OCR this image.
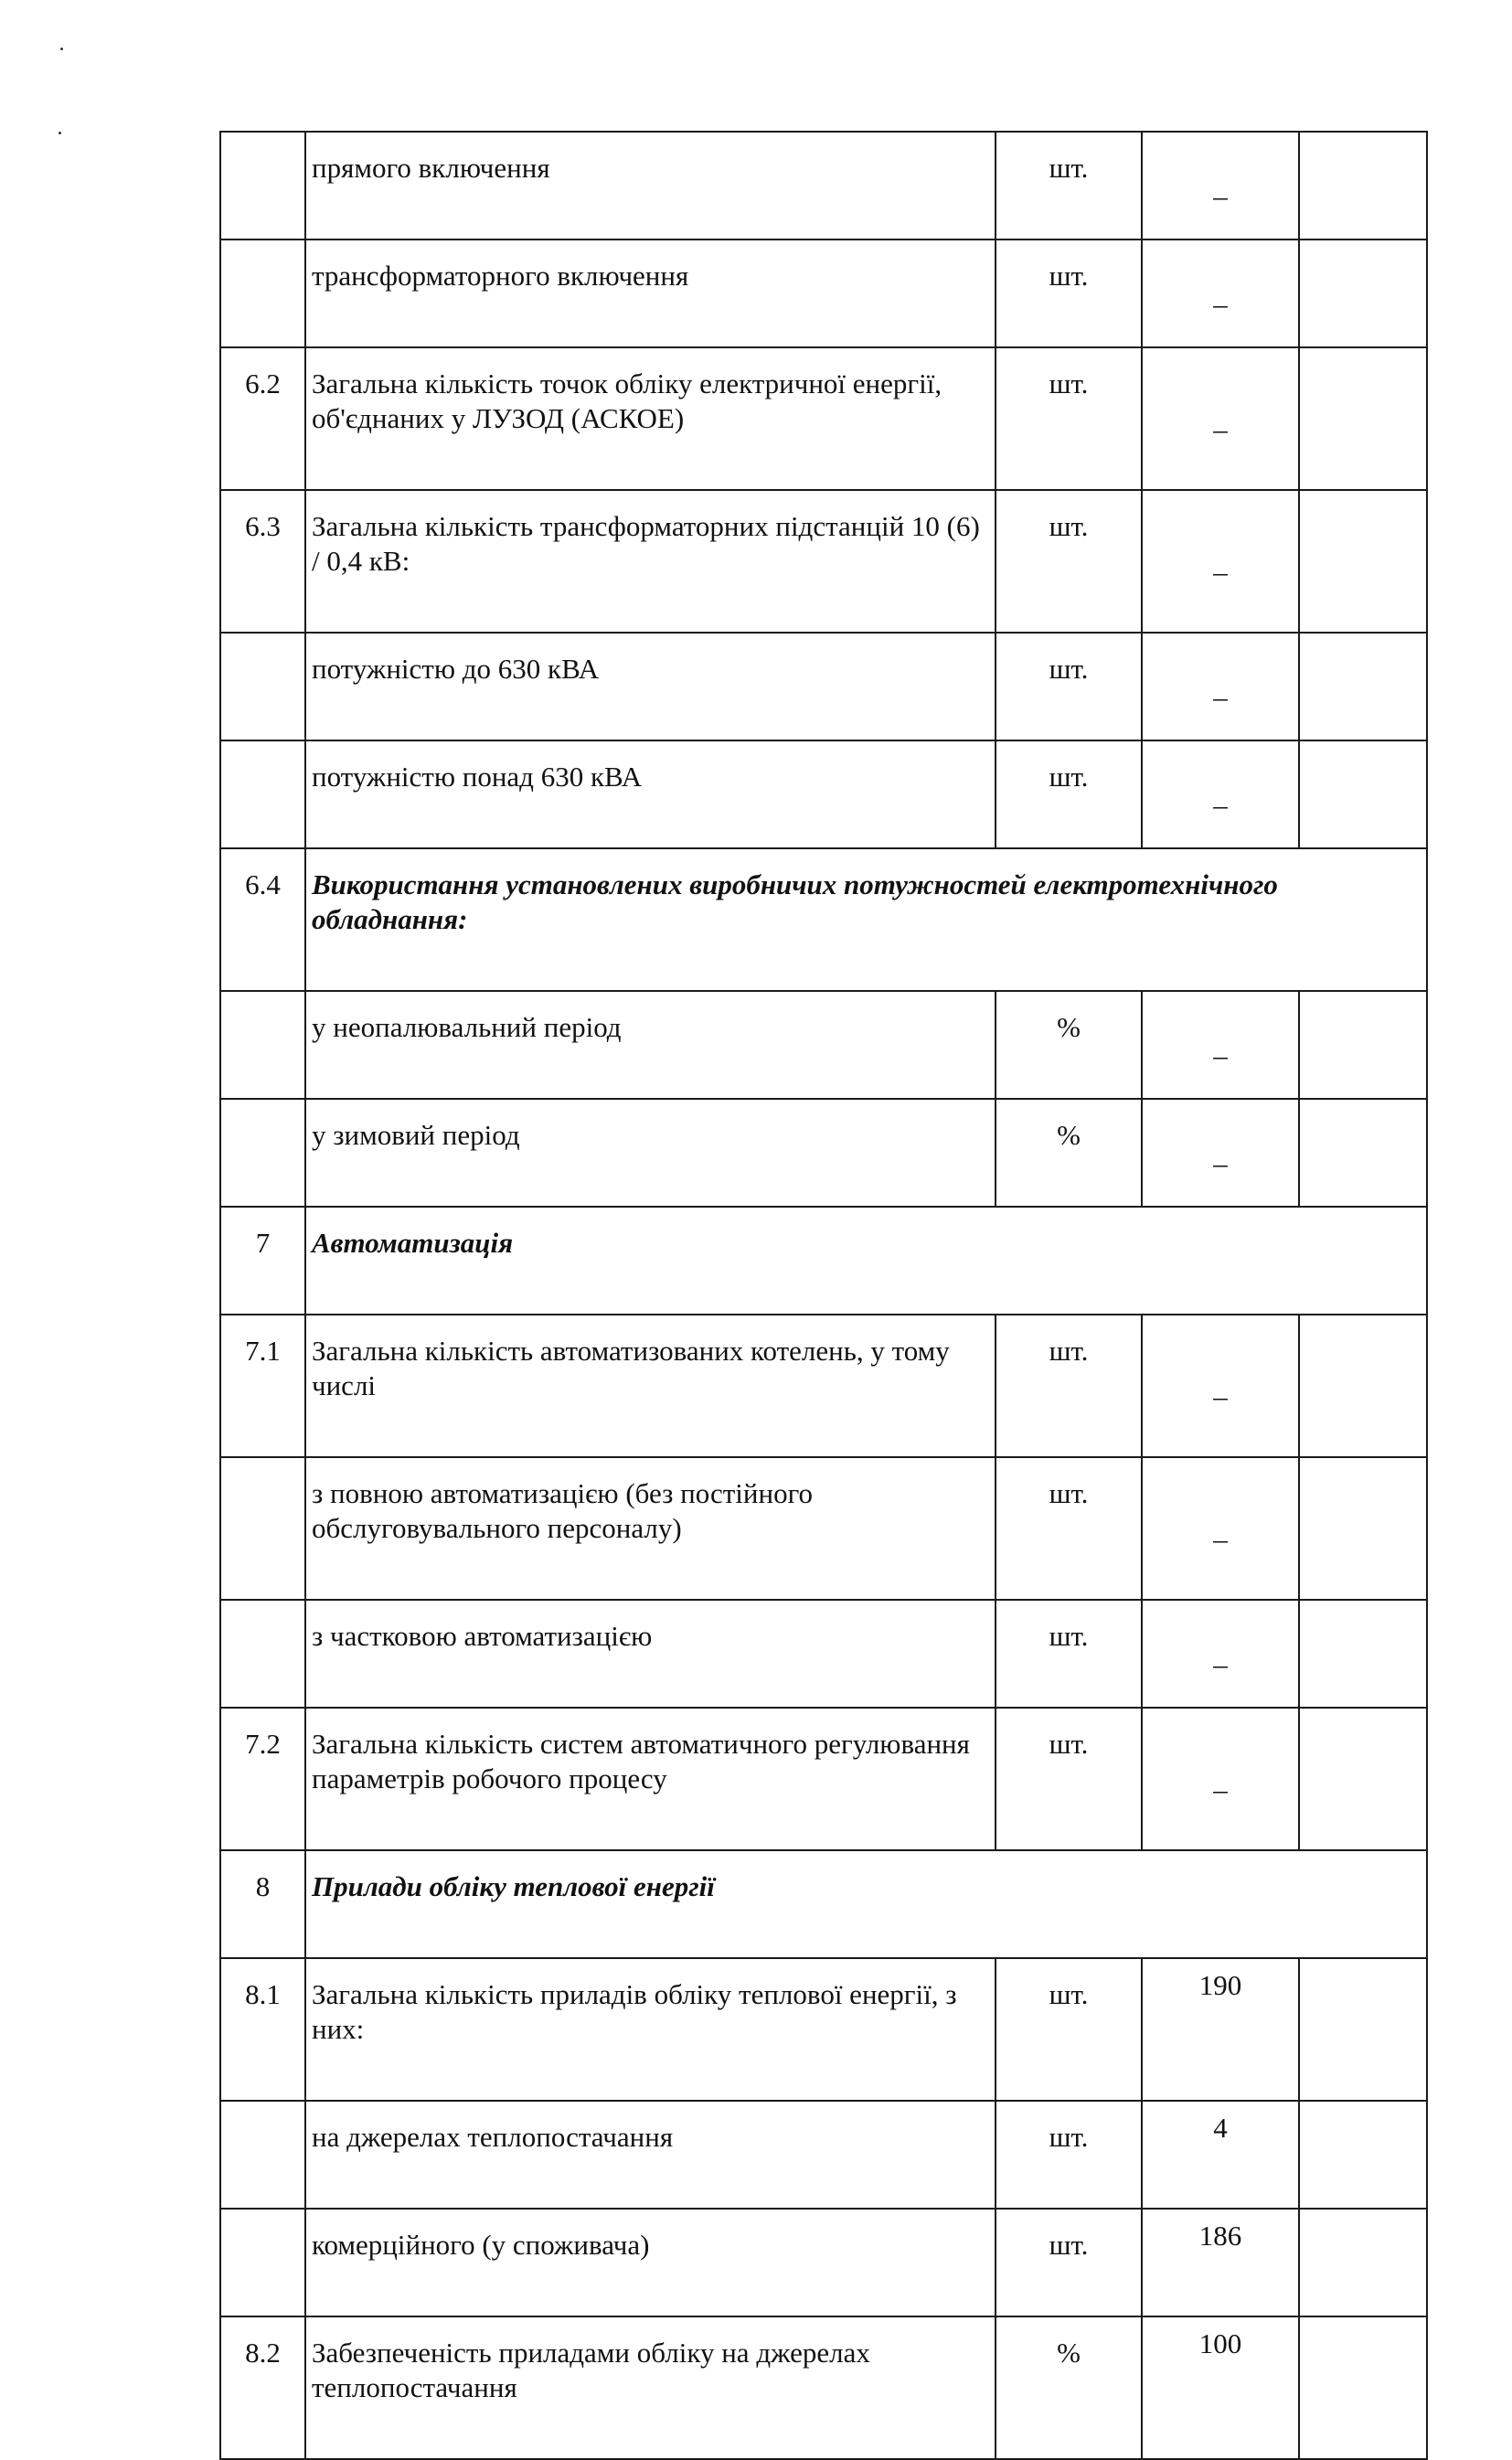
	прямого включення	шт.	–	
	трансформаторного включення	шт.	–	
6.2	Загальна кількість точок обліку електричної енергії, об'єднаних у ЛУЗОД (АСКОЕ)	шт.	–	
6.3	Загальна кількість трансформаторних підстанцій 10 (6) / 0,4 кВ:	шт.	–	
	потужністю до 630 кВА	шт.	–	
	потужністю понад 630 кВА	шт.	–	
6.4	Використання установлених виробничих потужностей електротехнічного обладнання:			
	у неопалювальний період	%	–	
	у зимовий період	%	–	
7	Автоматизація			
7.1	Загальна кількість автоматизованих котелень, у тому числі	шт.	–	
	з повною автоматизацією (без постійного обслуговувального персоналу)	шт.	–	
	з частковою автоматизацією	шт.	–	
7.2	Загальна кількість систем автоматичного регулювання параметрів робочого процесу	шт.	–	
8	Прилади обліку теплової енергії			
8.1	Загальна кількість приладів обліку теплової енергії, з них:	шт.	190	
	на джерелах теплопостачання	шт.	4	
	комерційного (у споживача)	шт.	186	
8.2	Забезпеченість приладами обліку на джерелах теплопостачання	%	100	
